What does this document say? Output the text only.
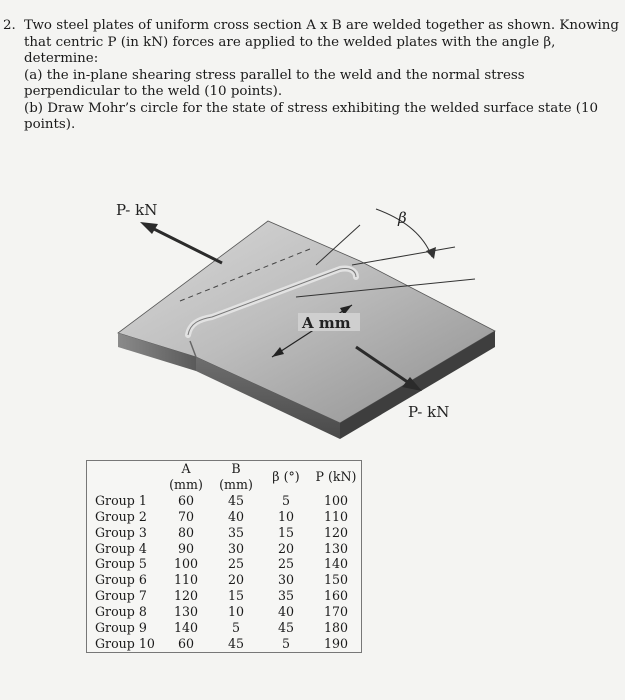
2. Two steel plates of uniform cross section A x B are welded together as shown. Knowing
that centric P (in kN) forces are applied to the welded plates with the angle β,
determine:
(a) the in-plane shearing stress parallel to the weld and the normal stress
perpendicular to the weld (10 points).
(b) Draw Mohr’s circle for the state of stress exhibiting the welded surface state (10
points).
β
P- kN
P- kN
A mm
	A (mm)	B (mm)	β (°)	P (kN)
Group 1	60	45	5	100
Group 2	70	40	10	110
Group 3	80	35	15	120
Group 4	90	30	20	130
Group 5	100	25	25	140
Group 6	110	20	30	150
Group 7	120	15	35	160
Group 8	130	10	40	170
Group 9	140	5	45	180
Group 10	60	45	5	190
